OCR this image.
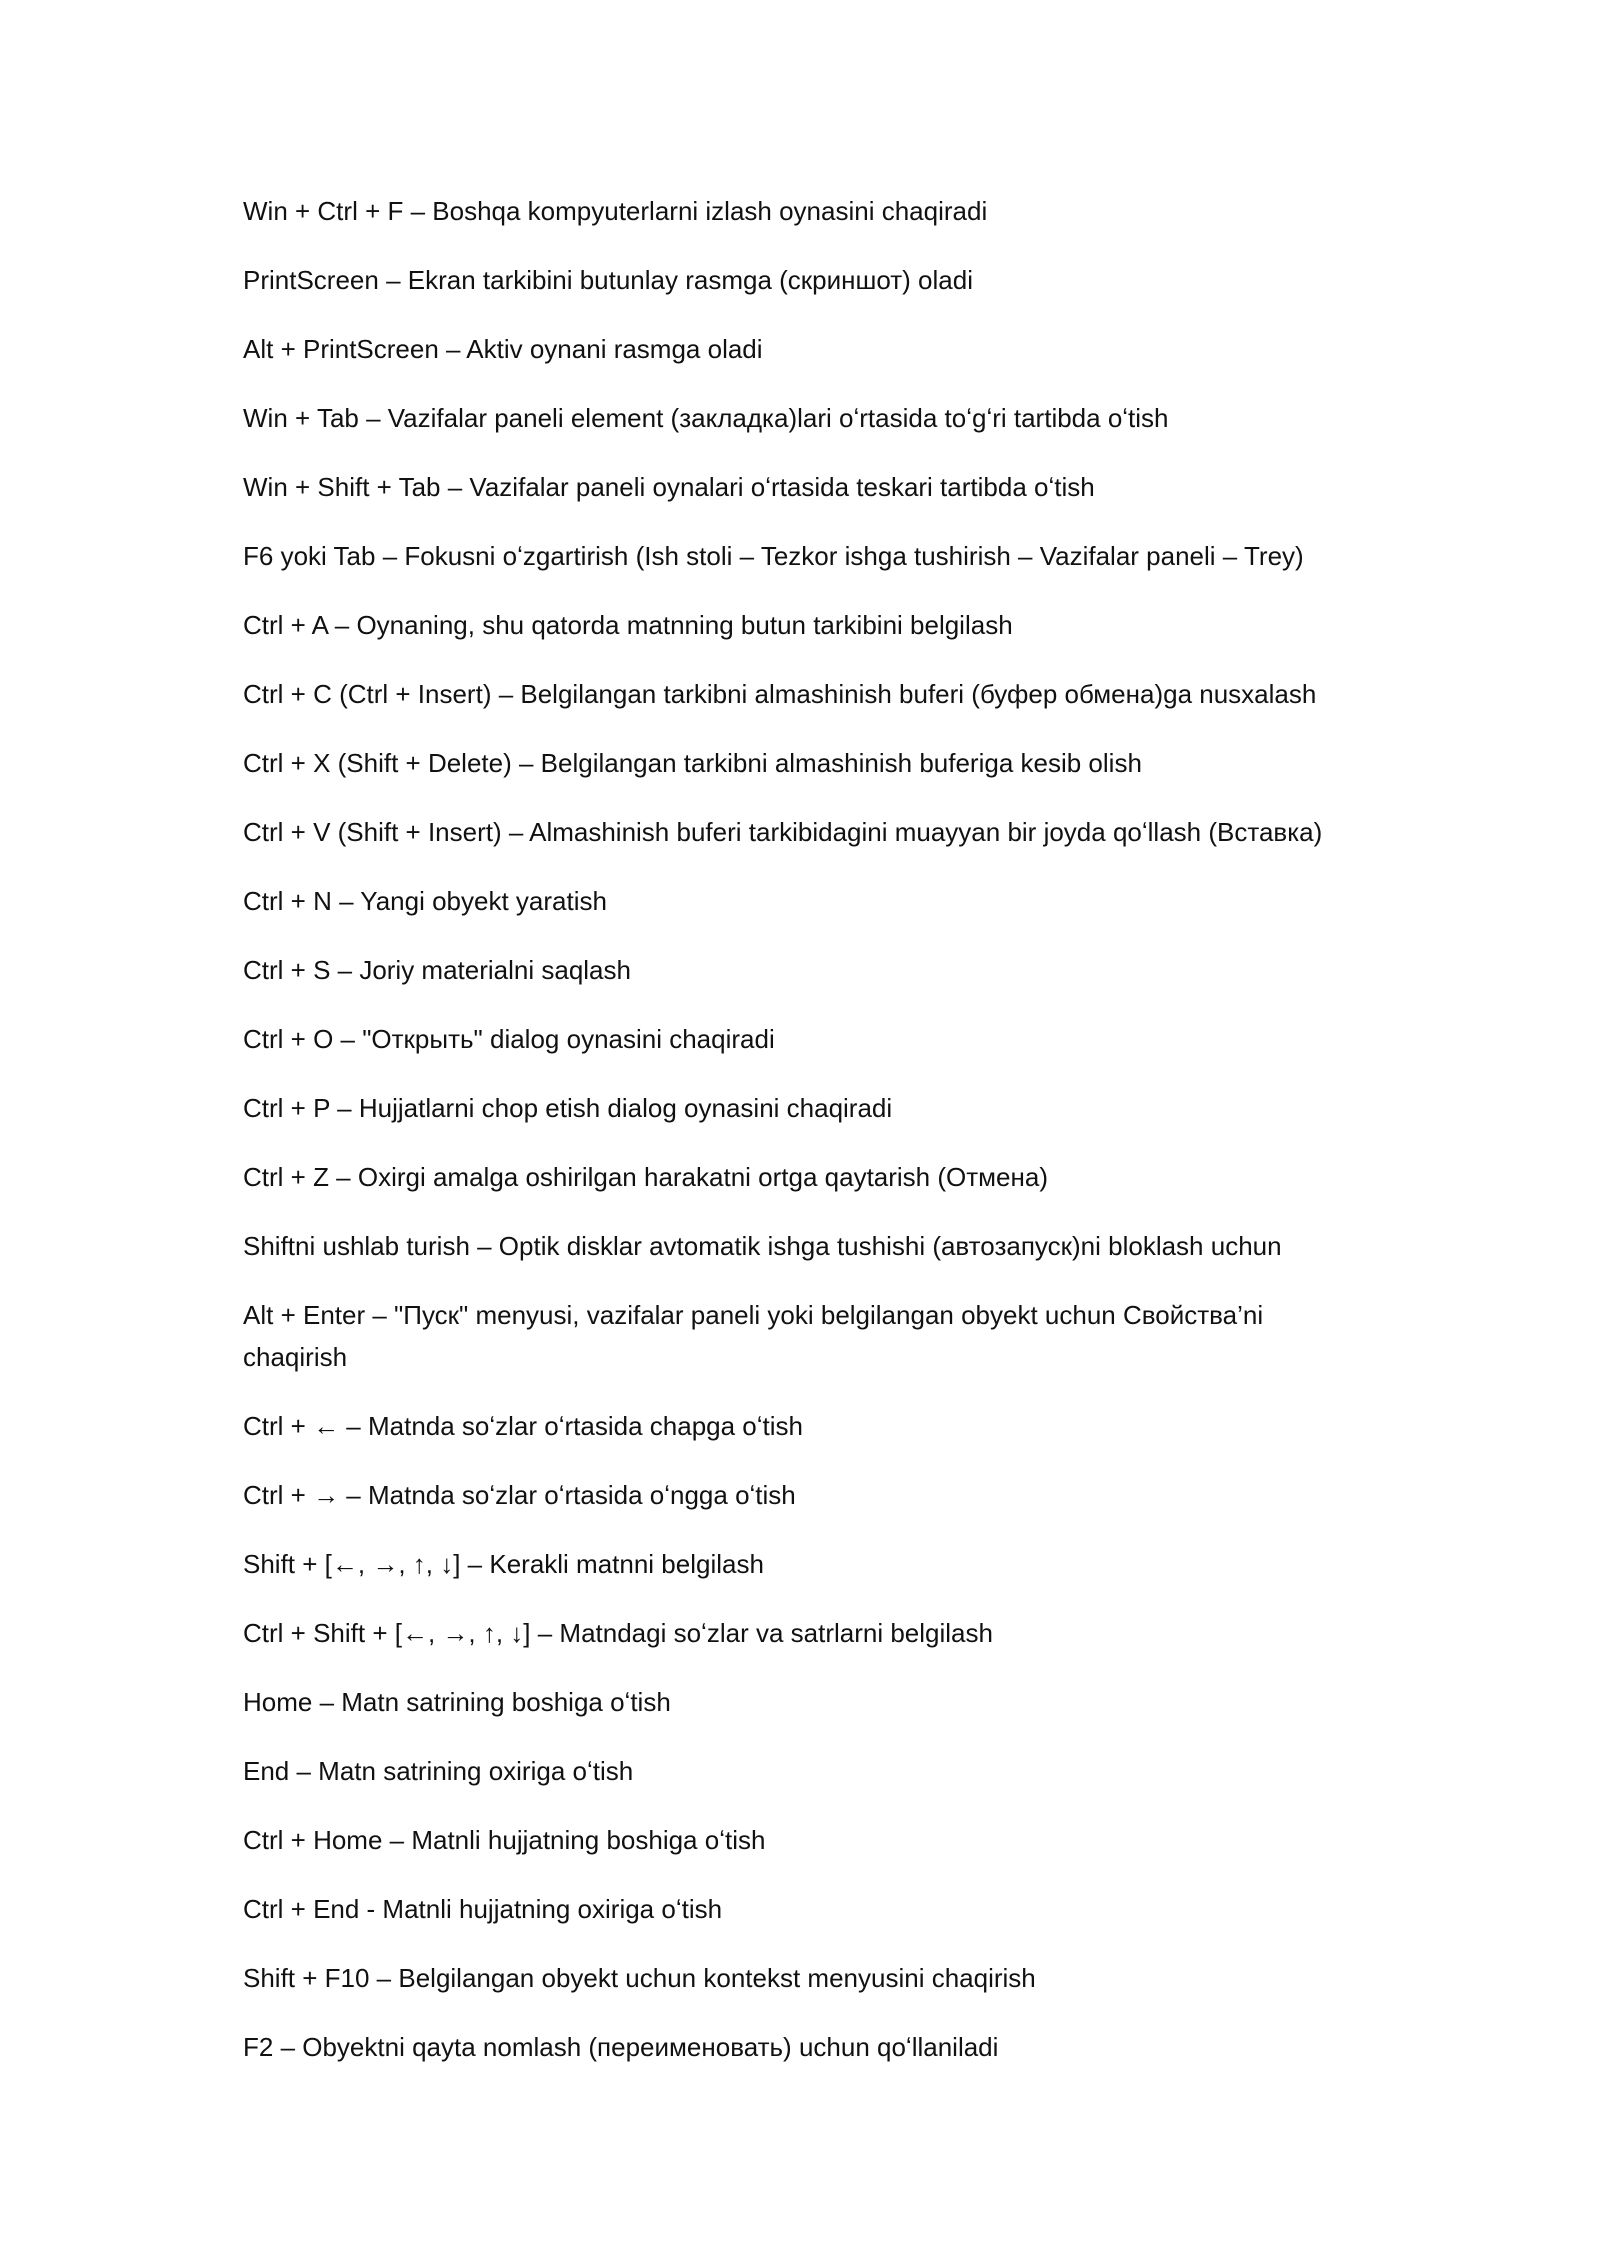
Win + Ctrl + F – Boshqa kompyuterlarni izlash oynasini chaqiradi
PrintScreen – Ekran tarkibini butunlay rasmga (скриншот) oladi
Alt + PrintScreen – Aktiv oynani rasmga oladi
Win + Tab – Vazifalar paneli element (закладка)lari oʻrtasida toʻgʻri tartibda oʻtish
Win + Shift + Tab – Vazifalar paneli oynalari oʻrtasida teskari tartibda oʻtish
F6 yoki Tab – Fokusni oʻzgartirish (Ish stoli – Tezkor ishga tushirish – Vazifalar paneli – Trey)
Ctrl + A – Oynaning, shu qatorda matnning butun tarkibini belgilash
Ctrl + C (Ctrl + Insert) – Belgilangan tarkibni almashinish buferi (буфер обмена)ga nusxalash
Ctrl + X (Shift + Delete) – Belgilangan tarkibni almashinish buferiga kesib olish
Ctrl + V (Shift + Insert) – Almashinish buferi tarkibidagini muayyan bir joyda qoʻllash (Вставка)
Ctrl + N – Yangi obyekt yaratish
Ctrl + S – Joriy materialni saqlash
Ctrl + O – "Открыть" dialog oynasini chaqiradi
Ctrl + P – Hujjatlarni chop etish dialog oynasini chaqiradi
Ctrl + Z – Oxirgi amalga oshirilgan harakatni ortga qaytarish (Отмена)
Shiftni ushlab turish – Optik disklar avtomatik ishga tushishi (автозапуск)ni bloklash uchun
Alt + Enter – "Пуск" menyusi, vazifalar paneli yoki belgilangan obyekt uchun Свойства’ni chaqirish
Ctrl + ← – Matnda soʻzlar oʻrtasida chapga oʻtish
Ctrl + → – Matnda soʻzlar oʻrtasida oʻngga oʻtish
Shift + [←, →, ↑, ↓] – Kerakli matnni belgilash
Ctrl + Shift + [←, →, ↑, ↓] – Matndagi soʻzlar va satrlarni belgilash
Home – Matn satrining boshiga oʻtish
End – Matn satrining oxiriga oʻtish
Ctrl + Home – Matnli hujjatning boshiga oʻtish
Ctrl + End - Matnli hujjatning oxiriga oʻtish
Shift + F10 – Belgilangan obyekt uchun kontekst menyusini chaqirish
F2 – Obyektni qayta nomlash (переименовать) uchun qoʻllaniladi
